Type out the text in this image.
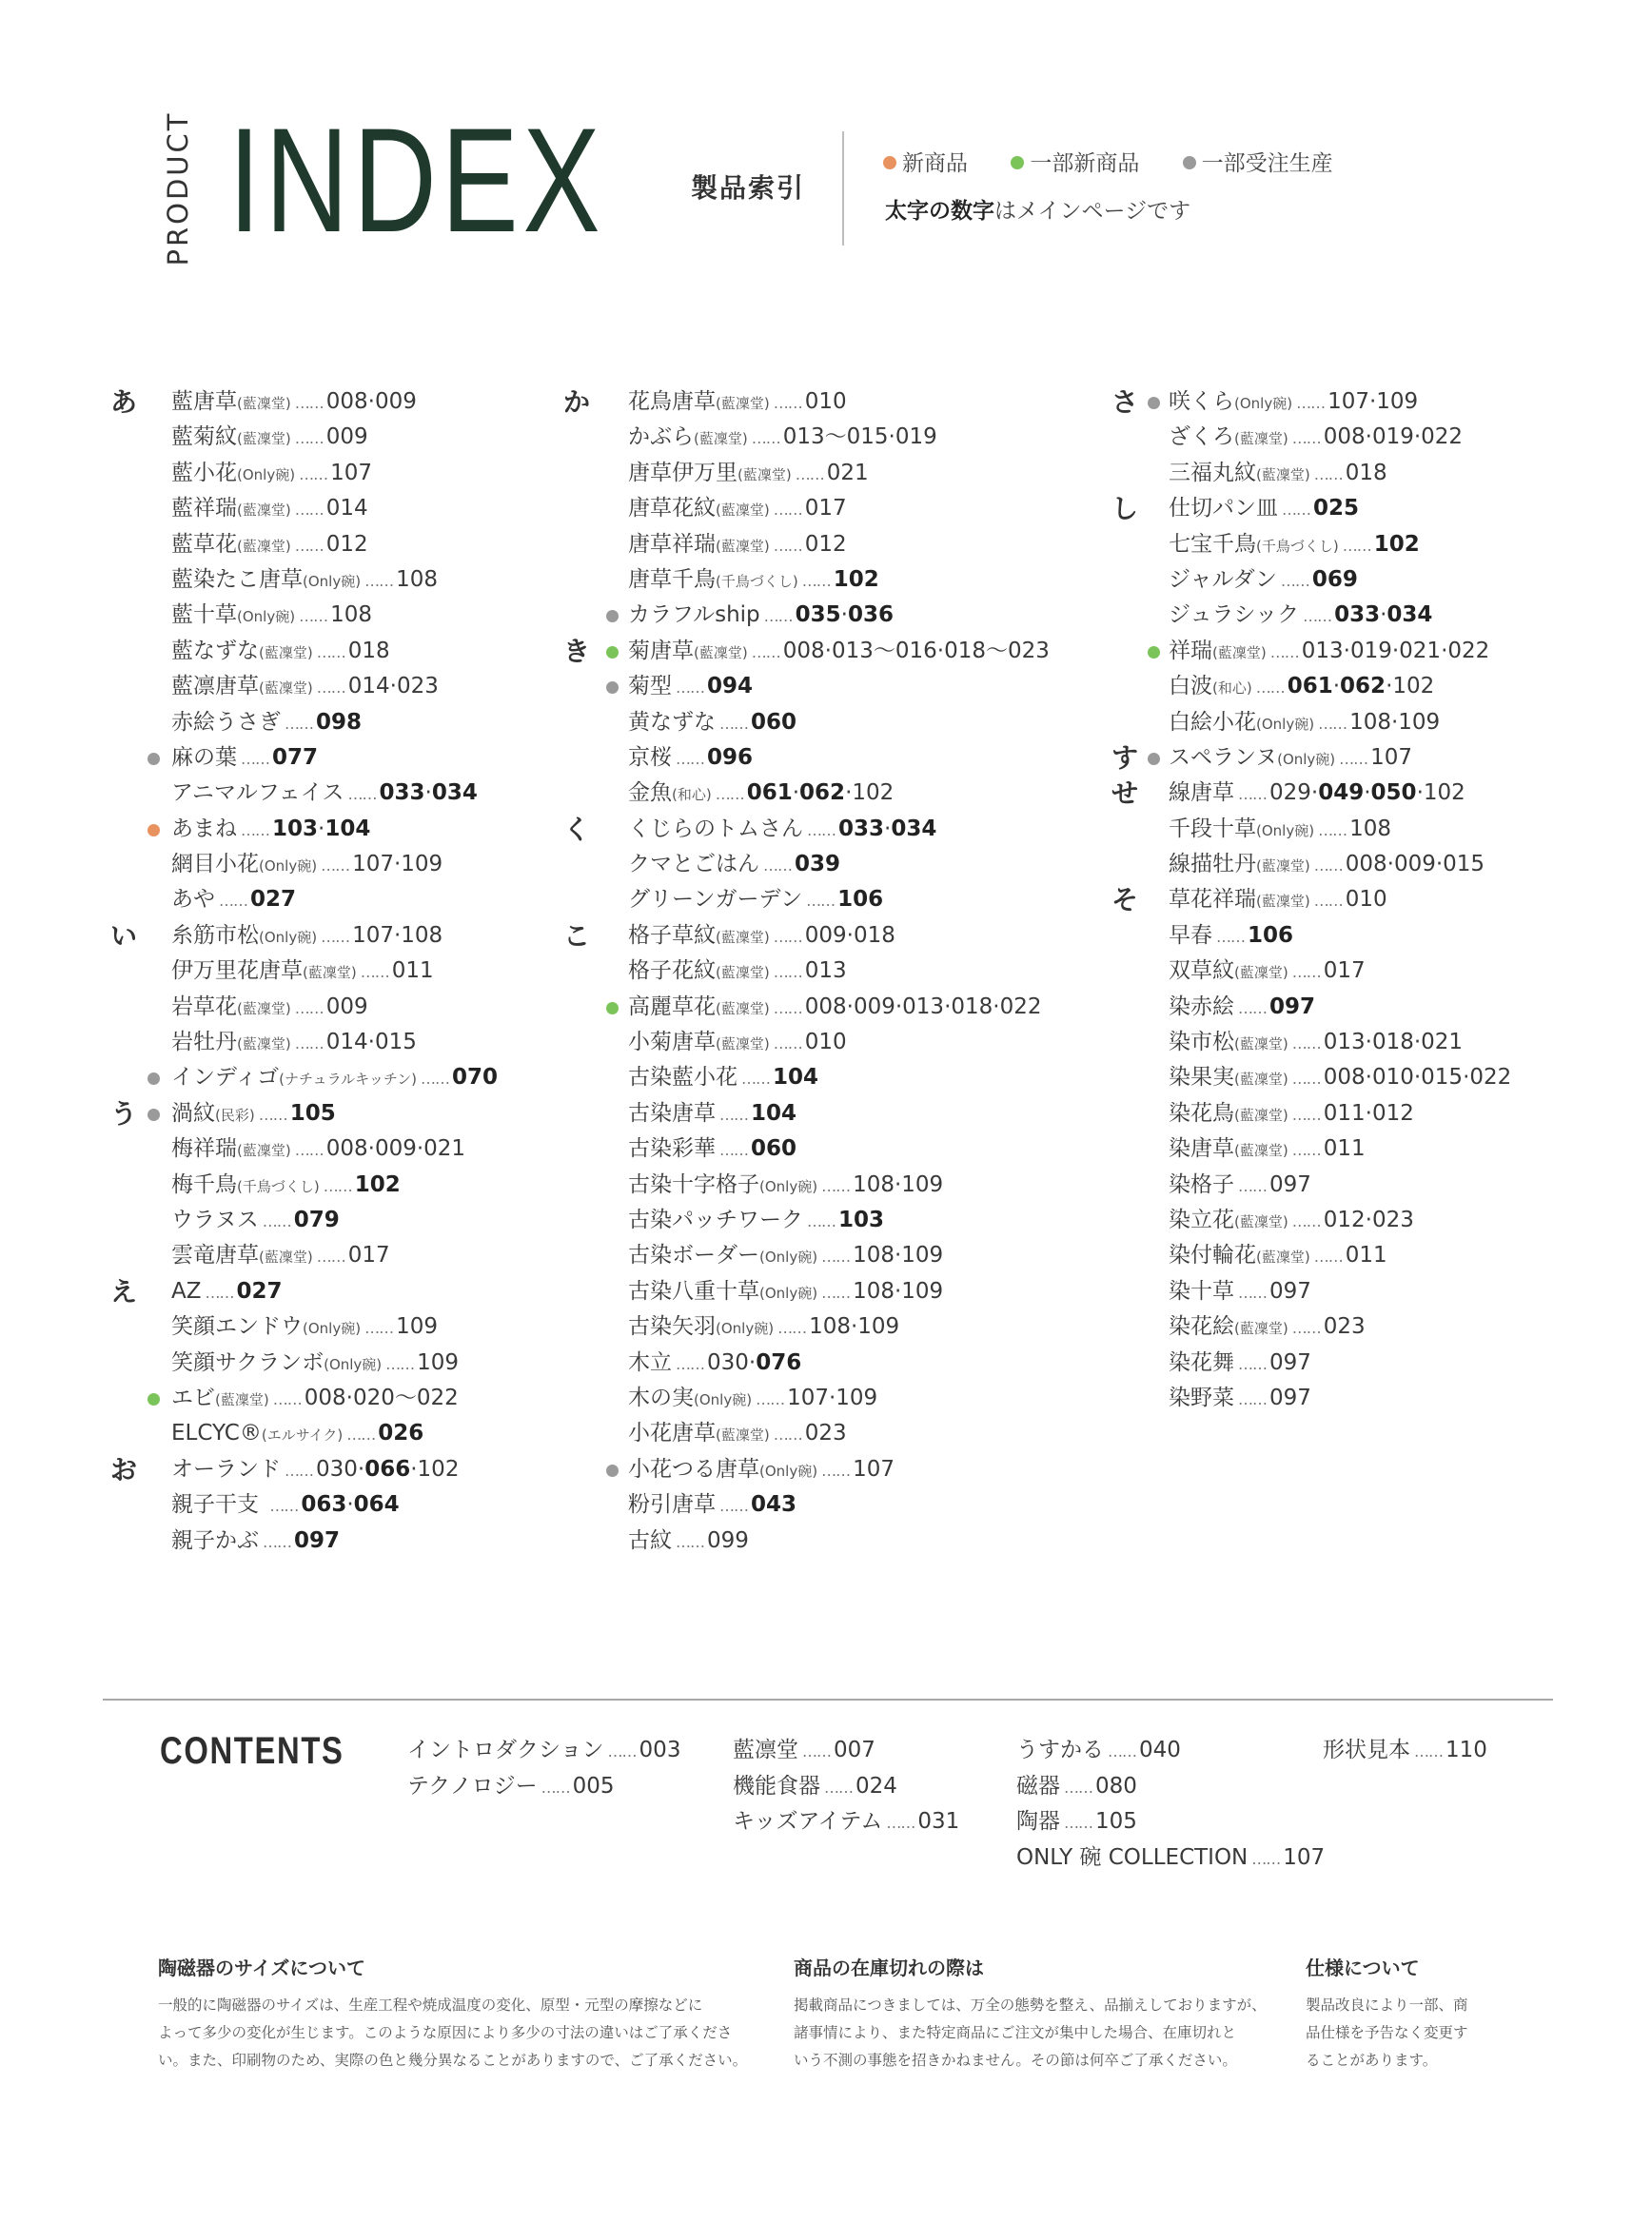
PRODUCT INDEX	製品索引
新商品	一部新商品	一部受注生産
太字の数字はメインページです
あ 藍唐草(藍凜堂) …… 008·009
藍菊紋(藍凜堂) …… 009
藍小花(Only碗) …… 107
藍祥瑞(藍凜堂) …… 014
藍草花(藍凜堂) …… 012
藍染たこ唐草(Only碗) …… 108
藍十草(Only碗) …… 108
藍なずな(藍凜堂) …… 018
藍凛唐草(藍凜堂) …… 014·023
赤絵うさぎ …… 098
麻の葉 …… 077
アニマルフェイス …… 033·034
あまね …… 103·104
網目小花(Only碗) …… 107·109
あや …… 027
い 糸筋市松(Only碗) …… 107·108
伊万里花唐草(藍凜堂) …… 011
岩草花(藍凜堂) …… 009
岩牡丹(藍凜堂) …… 014·015
インディゴ(ナチュラルキッチン) …… 070
う 渦紋(民彩) …… 105
梅祥瑞(藍凜堂) …… 008·009·021
梅千鳥(千鳥づくし) …… 102
ウラヌス …… 079
雲竜唐草(藍凜堂) …… 017
え AZ …… 027
笑顔エンドウ(Only碗) …… 109
笑顔サクランボ(Only碗) …… 109
エビ(藍凜堂) …… 008·020～022
ELCYC®(エルサイク) …… 026
お オーランド …… 030·066·102
親子干支 …… 063·064
親子かぶ …… 097
か 花鳥唐草(藍凜堂) …… 010
かぶら(藍凜堂) …… 013～015·019
唐草伊万里(藍凜堂) …… 021
唐草花紋(藍凜堂) …… 017
唐草祥瑞(藍凜堂) …… 012
唐草千鳥(千鳥づくし) …… 102
カラフルship …… 035·036
き 菊唐草(藍凜堂) …… 008·013～016·018～023
菊型 …… 094
黄なずな …… 060
京桜 …… 096
金魚(和心) …… 061·062·102
く くじらのトムさん …… 033·034
クマとごはん …… 039
グリーンガーデン …… 106
こ 格子草紋(藍凜堂) …… 009·018
格子花紋(藍凜堂) …… 013
高麗草花(藍凜堂) …… 008·009·013·018·022
小菊唐草(藍凜堂) …… 010
古染藍小花 …… 104
古染唐草 …… 104
古染彩華 …… 060
古染十字格子(Only碗) …… 108·109
古染パッチワーク …… 103
古染ボーダー(Only碗) …… 108·109
古染八重十草(Only碗) …… 108·109
古染矢羽(Only碗) …… 108·109
木立 …… 030·076
木の実(Only碗) …… 107·109
小花唐草(藍凜堂) …… 023
小花つる唐草(Only碗) …… 107
粉引唐草 …… 043
古紋 …… 099
さ 咲くら(Only碗) …… 107·109
ざくろ(藍凜堂) …… 008·019·022
三福丸紋(藍凜堂) …… 018
し 仕切パン皿 …… 025
七宝千鳥(千鳥づくし) …… 102
ジャルダン …… 069
ジュラシック …… 033·034
祥瑞(藍凜堂) …… 013·019·021·022
白波(和心) …… 061·062·102
白絵小花(Only碗) …… 108·109
す スペランヌ(Only碗) …… 107
せ 線唐草 …… 029·049·050·102
千段十草(Only碗) …… 108
線描牡丹(藍凜堂) …… 008·009·015
そ 草花祥瑞(藍凜堂) …… 010
早春 …… 106
双草紋(藍凜堂) …… 017
染赤絵 …… 097
染市松(藍凜堂) …… 013·018·021
染果実(藍凜堂) …… 008·010·015·022
染花鳥(藍凜堂) …… 011·012
染唐草(藍凜堂) …… 011
染格子 …… 097
染立花(藍凜堂) …… 012·023
染付輪花(藍凜堂) …… 011
染十草 …… 097
染花絵(藍凜堂) …… 023
染花舞 …… 097
染野菜 …… 097
CONTENTS	イントロダクション …… 003
テクノロジー …… 005
藍凛堂 …… 007
機能食器 …… 024
キッズアイテム …… 031
うすかる …… 040
磁器 …… 080
陶器 …… 105
ONLY 碗 COLLECTION …… 107
形状見本 …… 110
陶磁器のサイズについて
一般的に陶磁器のサイズは、生産工程や焼成温度の変化、原型・元型の摩擦などに
よって多少の変化が生じます。このような原因により多少の寸法の違いはご了承くださ
い。また、印刷物のため、実際の色と幾分異なることがありますので、ご了承ください。
商品の在庫切れの際は
掲載商品につきましては、万全の態勢を整え、品揃えしておりますが、
諸事情により、また特定商品にご注文が集中した場合、在庫切れと
いう不測の事態を招きかねません。その節は何卒ご了承ください。
仕様について
製品改良により一部、商
品仕様を予告なく変更す
ることがあります。
